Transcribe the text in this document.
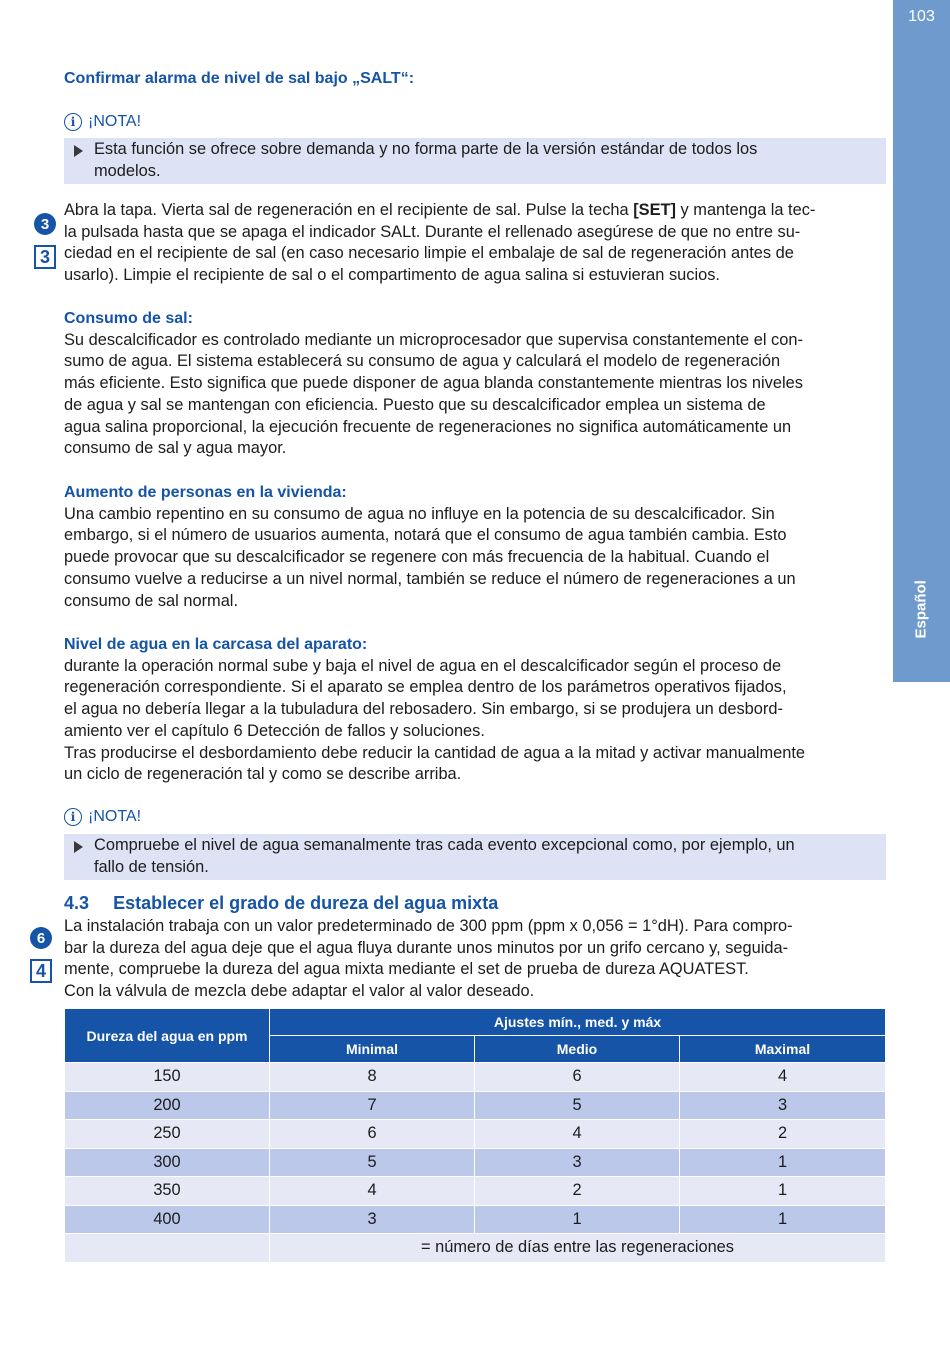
103
Español
Confirmar alarma de nivel de sal bajo „SALT“:
i ¡NOTA!
Esta función se ofrece sobre demanda y no forma parte de la versión estándar de todos los
modelos.
3
3
Abra la tapa. Vierta sal de regeneración en el recipiente de sal. Pulse la techa [SET] y mantenga la tec-
la pulsada hasta que se apaga el indicador SALt. Durante el rellenado asegúrese de que no entre su-
ciedad en el recipiente de sal (en caso necesario limpie el embalaje de sal de regeneración antes de
usarlo). Limpie el recipiente de sal o el compartimento de agua salina si estuvieran sucios.
Consumo de sal:
Su descalcificador es controlado mediante un microprocesador que supervisa constantemente el con-
sumo de agua. El sistema establecerá su consumo de agua y calculará el modelo de regeneración
más eficiente. Esto significa que puede disponer de agua blanda constantemente mientras los niveles
de agua y sal se mantengan con eficiencia. Puesto que su descalcificador emplea un sistema de
agua salina proporcional, la ejecución frecuente de regeneraciones no significa automáticamente un
consumo de sal y agua mayor.
Aumento de personas en la vivienda:
Una cambio repentino en su consumo de agua no influye en la potencia de su descalcificador. Sin
embargo, si el número de usuarios aumenta, notará que el consumo de agua también cambia. Esto
puede provocar que su descalcificador se regenere con más frecuencia de la habitual. Cuando el
consumo vuelve a reducirse a un nivel normal, también se reduce el número de regeneraciones a un
consumo de sal normal.
Nivel de agua en la carcasa del aparato:
durante la operación normal sube y baja el nivel de agua en el descalcificador según el proceso de
regeneración correspondiente. Si el aparato se emplea dentro de los parámetros operativos fijados,
el agua no debería llegar a la tubuladura del rebosadero. Sin embargo, si se produjera un desbord-
amiento ver el capítulo 6 Detección de fallos y soluciones.
Tras producirse el desbordamiento debe reducir la cantidad de agua a la mitad y activar manualmente
un ciclo de regeneración tal y como se describe arriba.
i ¡NOTA!
Compruebe el nivel de agua semanalmente tras cada evento excepcional como, por ejemplo, un
fallo de tensión.
4.3 Establecer el grado de dureza del agua mixta
6
4
La instalación trabaja con un valor predeterminado de 300 ppm (ppm x 0,056 = 1°dH). Para compro-
bar la dureza del agua deje que el agua fluya durante unos minutos por un grifo cercano y, seguida-
mente, compruebe la dureza del agua mixta mediante el set de prueba de dureza AQUATEST.
Con la válvula de mezcla debe adaptar el valor al valor deseado.
Dureza del agua en ppm	Ajustes mín., med. y máx		
	Minimal	Medio	Maximal
150	8	6	4
200	7	5	3
250	6	4	2
300	5	3	1
350	4	2	1
400	3	1	1
	= número de días entre las regeneraciones		
